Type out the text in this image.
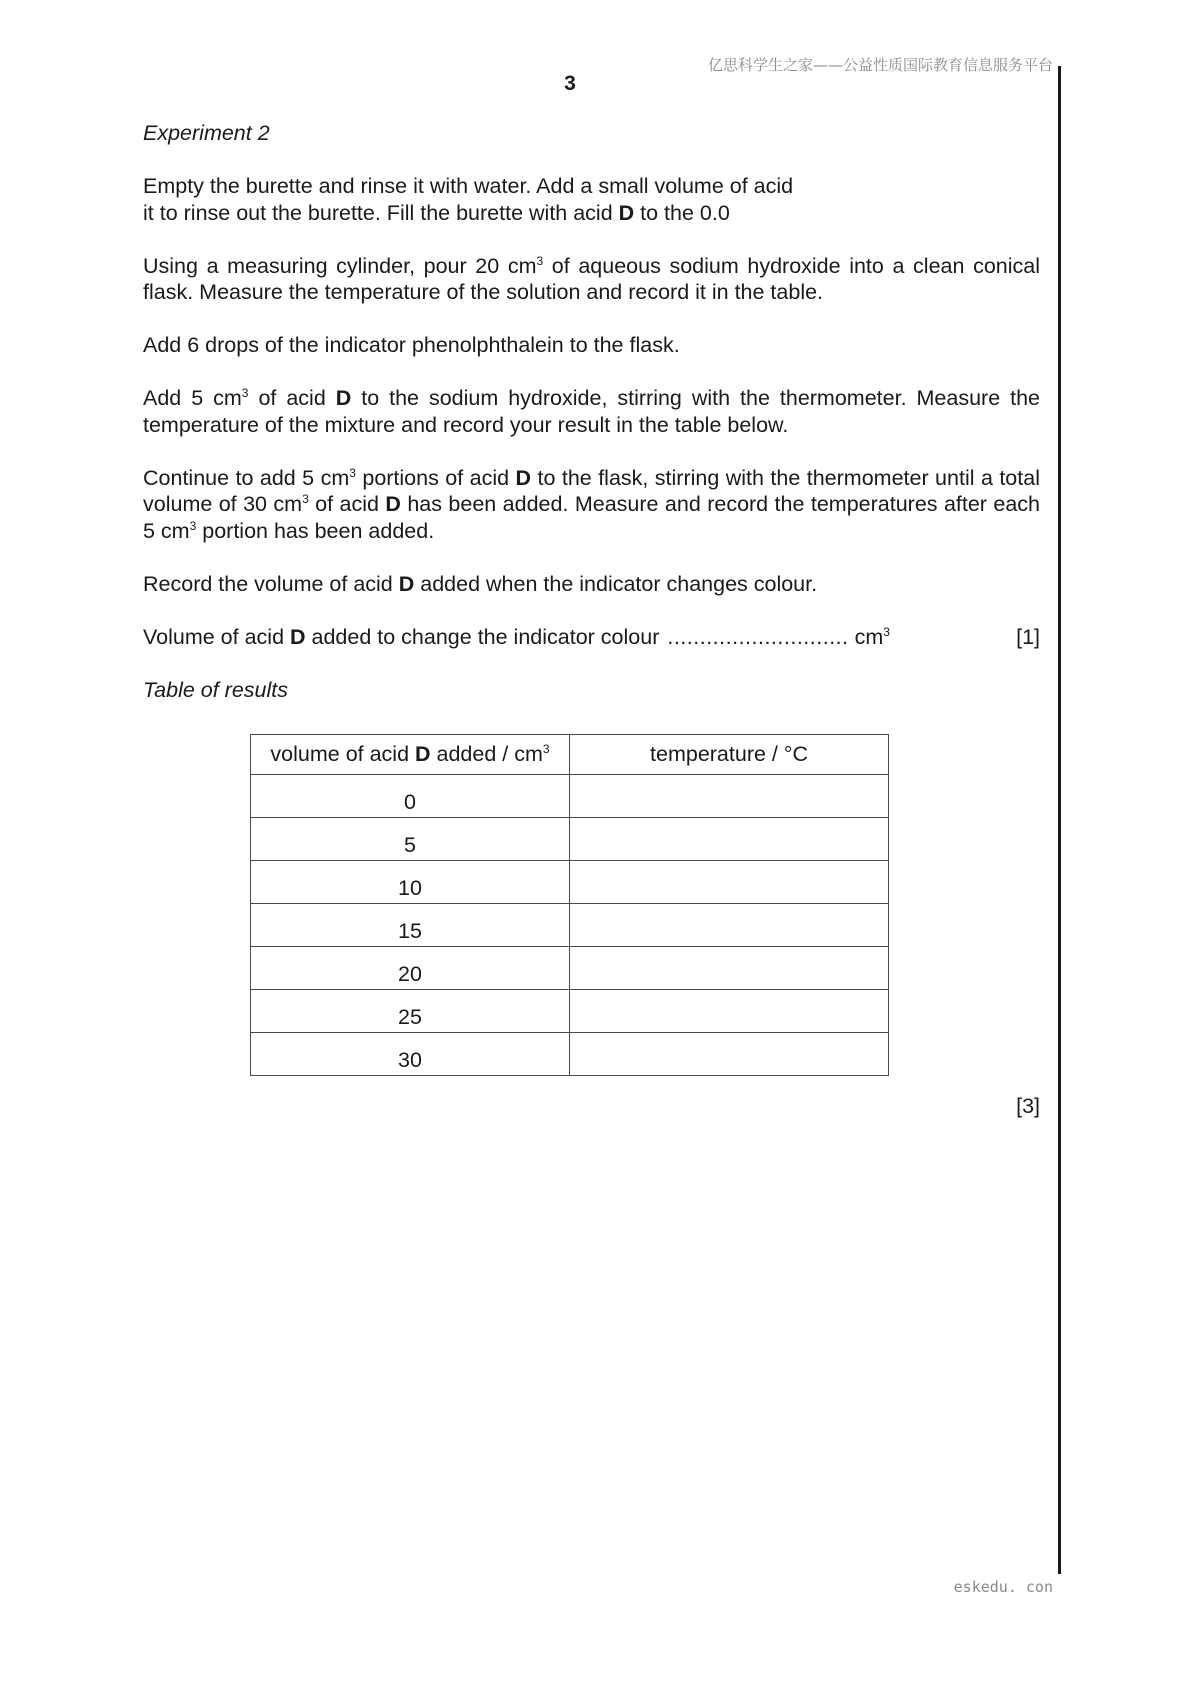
亿思科学生之家——公益性质国际教育信息服务平台
3

Experiment 2

Empty the burette and rinse it with water. Add a small volume of acid
it to rinse out the burette. Fill the burette with acid D to the 0.0

Using a measuring cylinder, pour 20 $cm^3$ of aqueous sodium hydroxide into a clean conical flask. Measure the temperature of the solution and record it in the table.

Add 6 drops of the indicator phenolphthalein to the flask.

Add 5 $cm^3$ of acid D to the sodium hydroxide, stirring with the thermometer. Measure the temperature of the mixture and record your result in the table below.

Continue to add 5 $cm^3$ portions of acid D to the flask, stirring with the thermometer until a total volume of 30 $cm^3$ of acid D has been added. Measure and record the temperatures after each 5 $cm^3$ portion has been added.

Record the volume of acid D added when the indicator changes colour.

Volume of acid D added to change the indicator colour ............................ $cm^3$	[1]

Table of results

volume of acid D added / $cm^3$	temperature / °C
0	
5	
10	
15	
20	
25	
30	
[3]
eskedu. con
